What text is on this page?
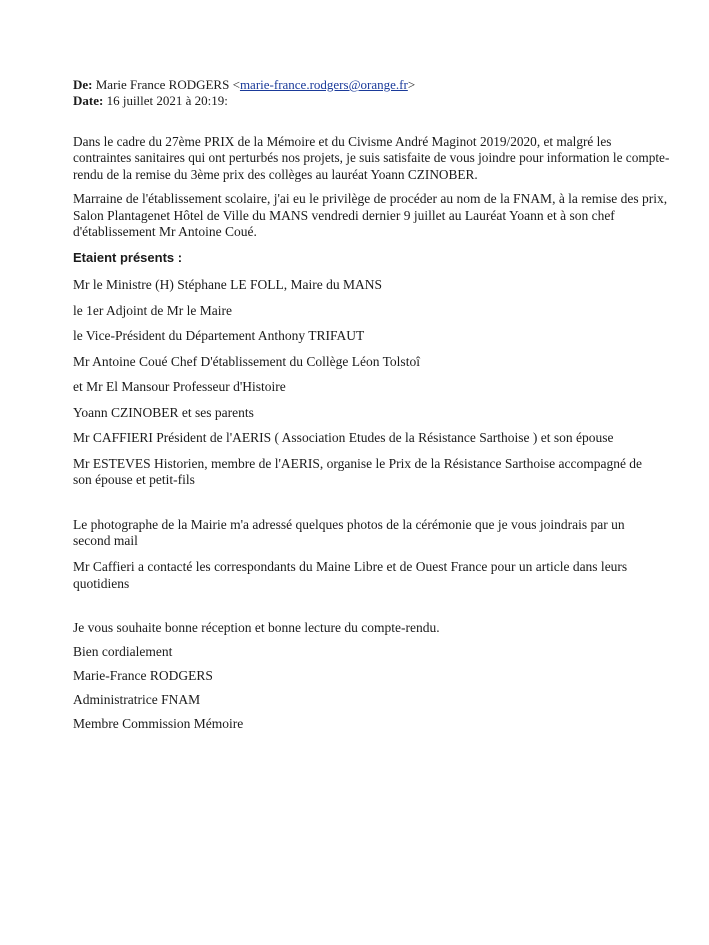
De: Marie France RODGERS <marie-france.rodgers@orange.fr>
Date: 16 juillet 2021 à 20:19:

Dans le cadre du 27ème PRIX de la Mémoire et du Civisme André Maginot 2019/2020, et malgré les contraintes sanitaires qui ont perturbés nos projets, je suis satisfaite de vous joindre pour information le compte-rendu de la remise du 3ème prix des collèges au lauréat Yoann CZINOBER.

Marraine de l'établissement scolaire, j'ai eu le privilège de procéder au nom de la FNAM, à la remise des prix, Salon Plantagenet Hôtel de Ville du MANS vendredi dernier 9 juillet au Lauréat Yoann et à son chef d'établissement Mr Antoine Coué.

Etaient présents :
Mr le Ministre (H) Stéphane LE FOLL, Maire du MANS
le 1er Adjoint de Mr le Maire
le Vice-Président du Département Anthony TRIFAUT
Mr Antoine Coué Chef D'établissement du Collège Léon Tolstoî
et Mr El Mansour Professeur d'Histoire
Yoann CZINOBER et ses parents
Mr CAFFIERI Président de l'AERIS ( Association Etudes de la Résistance Sarthoise ) et son épouse
Mr ESTEVES Historien, membre de l'AERIS, organise le Prix de la Résistance Sarthoise accompagné de son épouse et petit-fils

Le photographe de la Mairie m'a adressé quelques photos de la cérémonie que je vous joindrais par un second mail

Mr Caffieri a contacté les correspondants du Maine Libre et de Ouest France pour un article dans leurs quotidiens

Je vous souhaite bonne réception et bonne lecture du compte-rendu.
Bien cordialement
Marie-France RODGERS
Administratrice FNAM
Membre Commission Mémoire
